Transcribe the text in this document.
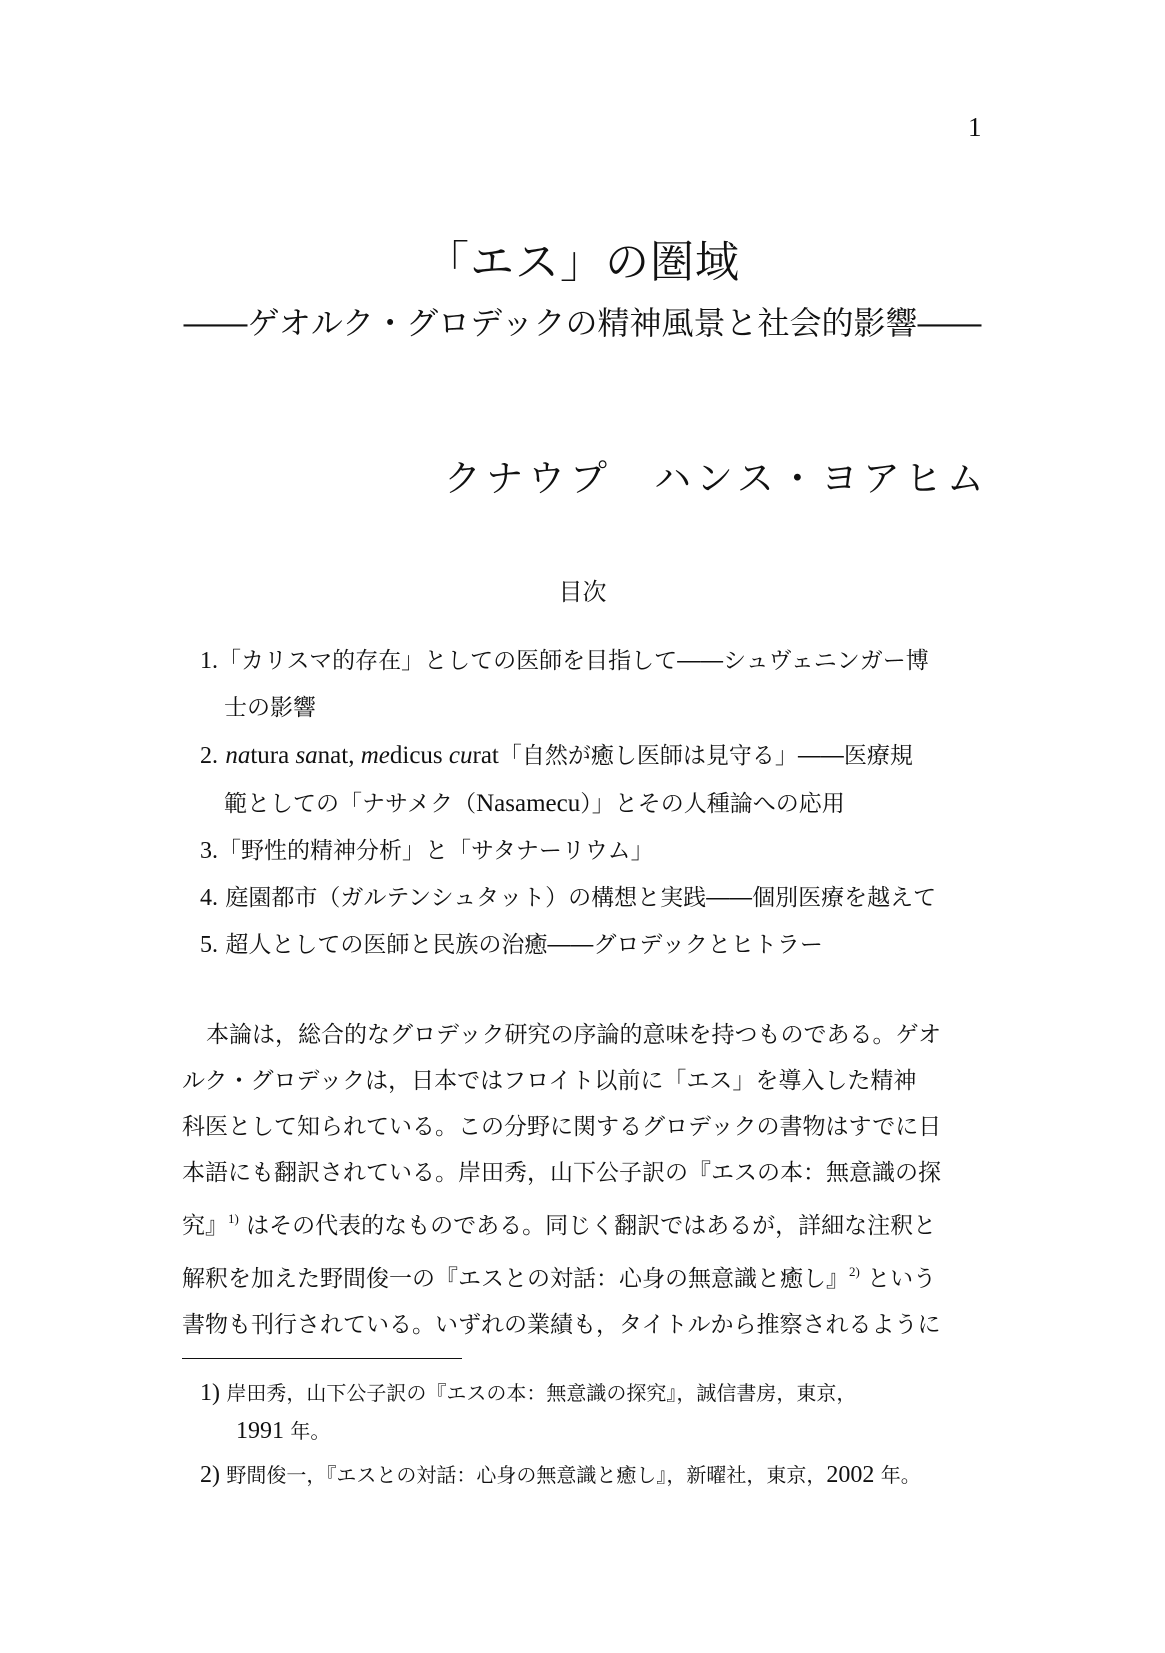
1
「エス」の圏域
――ゲオルク・グロデックの精神風景と社会的影響――
クナウプ　ハンス・ヨアヒム
目次
1.「カリスマ的存在」としての医師を目指して――シュヴェニンガー博
士の影響
2. natura sanat, medicus curat「自然が癒し医師は見守る」――医療規
範としての「ナサメク（Nasamecu）」とその人種論への応用
3.「野性的精神分析」と「サタナーリウム」
4. 庭園都市（ガルテンシュタット）の構想と実践――個別医療を越えて
5. 超人としての医師と民族の治癒――グロデックとヒトラー
本論は，総合的なグロデック研究の序論的意味を持つものである。ゲオ
ルク・グロデックは，日本ではフロイト以前に「エス」を導入した精神
科医として知られている。この分野に関するグロデックの書物はすでに日
本語にも翻訳されている。岸田秀，山下公子訳の『エスの本：無意識の探
究』$^{1)}$ はその代表的なものである。同じく翻訳ではあるが，詳細な注釈と
解釈を加えた野間俊一の『エスとの対話：心身の無意識と癒し』$^{2)}$ という
書物も刊行されている。いずれの業績も，タイトルから推察されるように
1) 岸田秀，山下公子訳の『エスの本：無意識の探究』，誠信書房，東京，
1991 年。
2) 野間俊一，『エスとの対話：心身の無意識と癒し』，新曜社，東京，2002 年。
